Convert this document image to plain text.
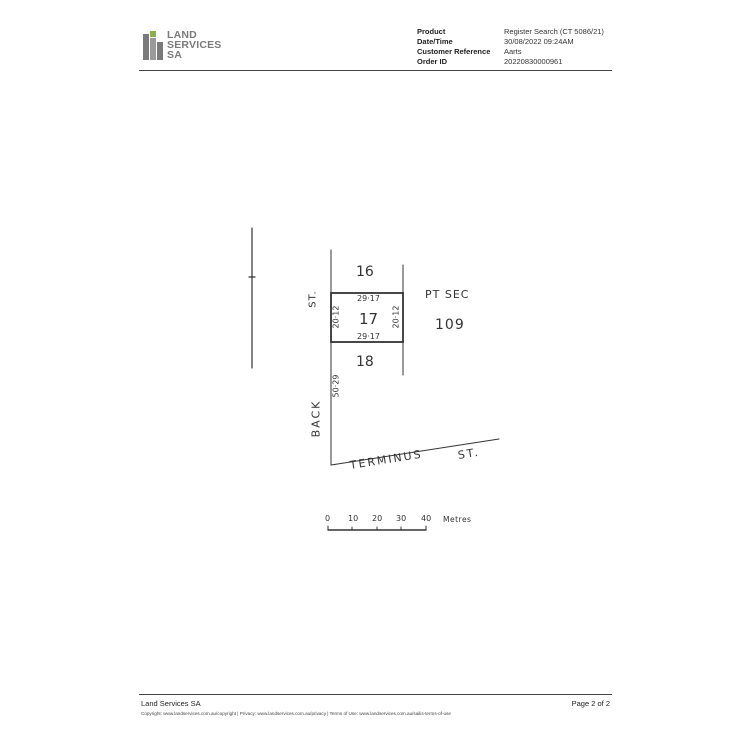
LAND
SERVICES
SA
Product	Register Search (CT 5086/21)
Date/Time	30/08/2022 09:24AM
Customer Reference	Aarts
Order ID	20220830000961
16
17
18
29·17
29·17
20·12	20·12
PT SEC
109
ST.
BACK
50·29
TERMINUS	ST.
0 10 20 30 40 Metres
Land Services SA	Page 2 of 2
Copyright: www.landservices.com.au/copyright | Privacy: www.landservices.com.au/privacy | Terms of Use: www.landservices.com.au/sailis-terms-of-use
